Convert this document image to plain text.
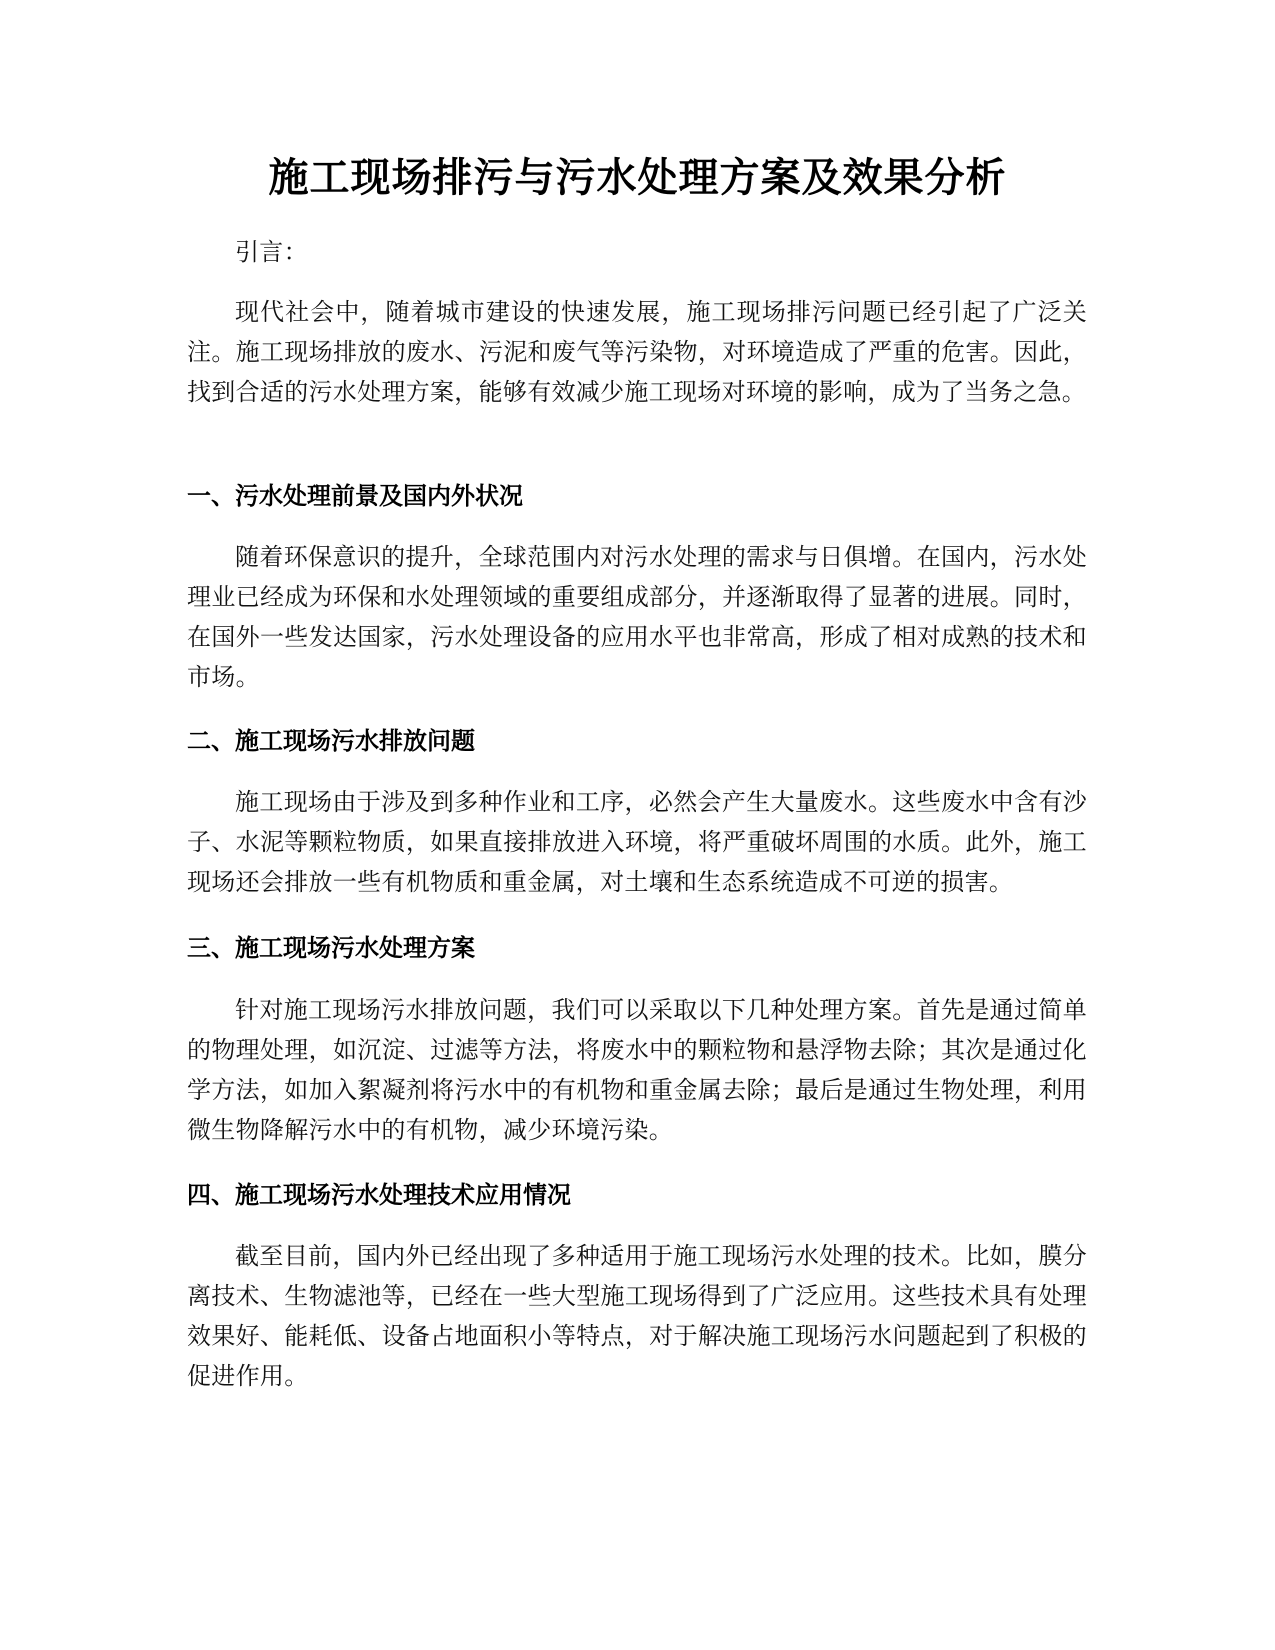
施工现场排污与污水处理方案及效果分析

引言：

现代社会中，随着城市建设的快速发展，施工现场排污问题已经引起了广泛关注。施工现场排放的废水、污泥和废气等污染物，对环境造成了严重的危害。因此，找到合适的污水处理方案，能够有效减少施工现场对环境的影响，成为了当务之急。

一、污水处理前景及国内外状况

随着环保意识的提升，全球范围内对污水处理的需求与日俱增。在国内，污水处理业已经成为环保和水处理领域的重要组成部分，并逐渐取得了显著的进展。同时，在国外一些发达国家，污水处理设备的应用水平也非常高，形成了相对成熟的技术和市场。

二、施工现场污水排放问题

施工现场由于涉及到多种作业和工序，必然会产生大量废水。这些废水中含有沙子、水泥等颗粒物质，如果直接排放进入环境，将严重破坏周围的水质。此外，施工现场还会排放一些有机物质和重金属，对土壤和生态系统造成不可逆的损害。

三、施工现场污水处理方案

针对施工现场污水排放问题，我们可以采取以下几种处理方案。首先是通过简单的物理处理，如沉淀、过滤等方法，将废水中的颗粒物和悬浮物去除；其次是通过化学方法，如加入絮凝剂将污水中的有机物和重金属去除；最后是通过生物处理，利用微生物降解污水中的有机物，减少环境污染。

四、施工现场污水处理技术应用情况

截至目前，国内外已经出现了多种适用于施工现场污水处理的技术。比如，膜分离技术、生物滤池等，已经在一些大型施工现场得到了广泛应用。这些技术具有处理效果好、能耗低、设备占地面积小等特点，对于解决施工现场污水问题起到了积极的促进作用。
